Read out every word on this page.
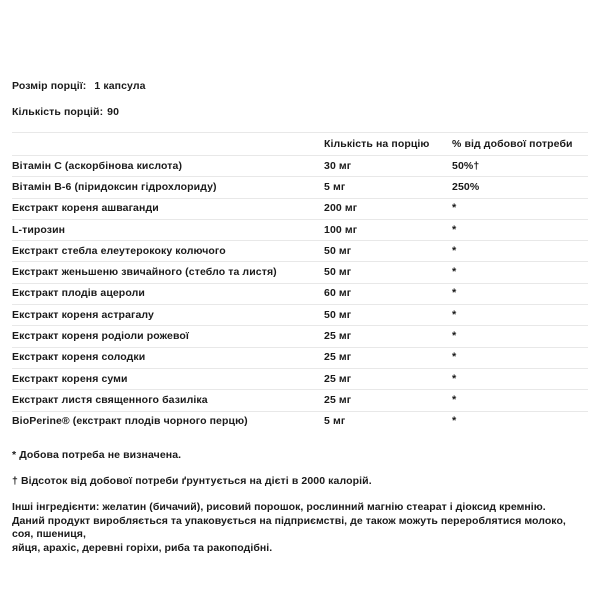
Розмір порції: 1 капсула

Кількість порцій: 90

	Кількість на порцію	% від добової потреби
Вітамін C (аскорбінова кислота)	30 мг	50%†
Вітамін B-6 (піридоксин гідрохлориду)	5 мг	250%
Екстракт кореня ашваганди	200 мг	*
L-тирозин	100 мг	*
Екстракт стебла елеутерококу колючого	50 мг	*
Екстракт женьшеню звичайного (стебло та листя)	50 мг	*
Екстракт плодів ацероли	60 мг	*
Екстракт кореня астрагалу	50 мг	*
Екстракт кореня родіоли рожевої	25 мг	*
Екстракт кореня солодки	25 мг	*
Екстракт кореня суми	25 мг	*
Екстракт листя священного базиліка	25 мг	*
BioPerine® (екстракт плодів чорного перцю)	5 мг	*

* Добова потреба не визначена.

† Відсоток від добової потреби ґрунтується на дієті в 2000 калорій.

Інші інгредієнти: желатин (бичачий), рисовий порошок, рослинний магнію стеарат і діоксид кремнію.

Даний продукт виробляється та упаковується на підприємстві, де також можуть перероблятися молоко, соя, пшениця,

яйця, арахіс, деревні горіхи, риба та ракоподібні.
